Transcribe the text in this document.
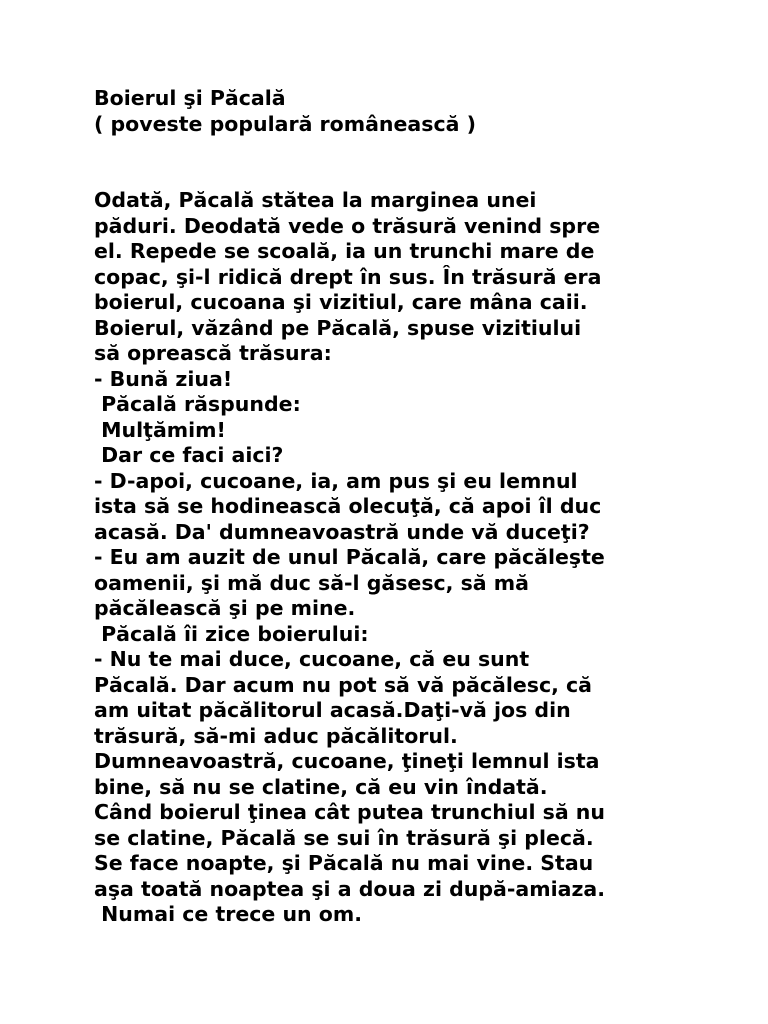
Boierul şi Păcală
( poveste populară românească )
Odată, Păcală stătea la marginea unei
păduri. Deodată vede o trăsură venind spre
el. Repede se scoală, ia un trunchi mare de
copac, şi-l ridică drept în sus. În trăsură era
boierul, cucoana şi vizitiul, care mâna caii.
Boierul, văzând pe Păcală, spuse vizitiului
să oprească trăsura:
- Bună ziua!
Păcală răspunde:
Mulţămim!
Dar ce faci aici?
- D-apoi, cucoane, ia, am pus şi eu lemnul
ista să se hodinească olecuţă, că apoi îl duc
acasă. Da' dumneavoastră unde vă duceţi?
- Eu am auzit de unul Păcală, care păcăleşte
oamenii, şi mă duc să-l găsesc, să mă
păcălească şi pe mine.
Păcală îi zice boierului:
- Nu te mai duce, cucoane, că eu sunt
Păcală. Dar acum nu pot să vă păcălesc, că
am uitat păcălitorul acasă.Daţi-vă jos din
trăsură, să-mi aduc păcălitorul.
Dumneavoastră, cucoane, ţineţi lemnul ista
bine, să nu se clatine, că eu vin îndată.
Când boierul ţinea cât putea trunchiul să nu
se clatine, Păcală se sui în trăsură şi plecă.
Se face noapte, şi Păcală nu mai vine. Stau
aşa toată noaptea şi a doua zi după-amiaza.
Numai ce trece un om.
